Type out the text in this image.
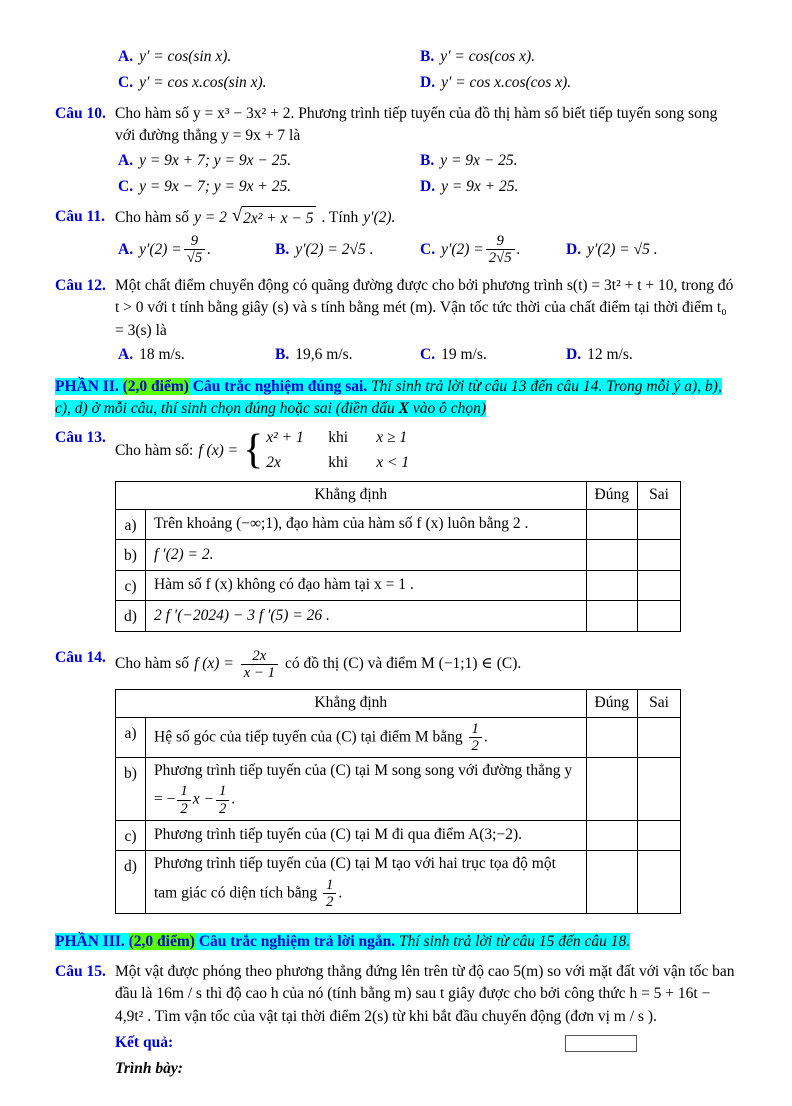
A. y′ = cos(sin x).	B. y′ = cos(cos x).
C. y′ = cos x.cos(sin x).	D. y′ = cos x.cos(cos x).
Câu 10. Cho hàm số y = x³ − 3x² + 2. Phương trình tiếp tuyến của đồ thị hàm số biết tiếp tuyến song song với đường thẳng y = 9x + 7 là
A. y = 9x + 7; y = 9x − 25.	B. y = 9x − 25.
C. y = 9x − 7; y = 9x + 25.	D. y = 9x + 25.
Câu 11. Cho hàm số y = 2 √ 2x² + x − 5 . Tính y′(2).
A. $y'(2) = \frac{9}{√5}$ .	B. y′(2) = 2√5 .	C. $y'(2) = \frac{9}{2√5}$ .	D. y′(2) = √5 .
Câu 12. Một chất điểm chuyển động có quãng đường được cho bởi phương trình s(t) = 3t² + t + 10, trong đó t > 0 với t tính bằng giây (s) và s tính bằng mét (m). Vận tốc tức thời của chất điểm tại thời điểm t₀ = 3(s) là
A. 18 m/s.	B. 19,6 m/s.	C. 19 m/s.	D. 12 m/s.
PHẦN II. (2,0 điểm) Câu trắc nghiệm đúng sai. Thí sinh trả lời từ câu 13 đến câu 14. Trong mỗi ý a), b), c), d) ở mỗi câu, thí sinh chọn đúng hoặc sai (điền dấu X vào ô chọn)
Câu 13.
Cho hàm số: f (x) = { x² + 1	khi	x ≥ 1
2x	khi	x < 1
Khẳng định		Đúng	Sai
a)	Trên khoảng (−∞;1), đạo hàm của hàm số f (x) luôn bằng 2 .		
b)	f ′(2) = 2.		
c)	Hàm số f (x) không có đạo hàm tại x = 1 .		
d)	2 f ′(−2024) − 3 f ′(5) = 26 .		
Câu 14. Cho hàm số f $(x) = \frac{2x}{x - 1}$ có đồ thị (C) và điểm M (−1;1) ∈ (C).
Khẳng định		Đúng	Sai
a)	Hệ số góc của tiếp tuyến của (C) tại điểm M bằng $\frac{1}{2}$ .		
b)	Phương trình tiếp tuyến của (C) tại M song song với đường thẳng y = − $\frac{1}{2}$ $x - \frac{1}{2}$ .		
c)	Phương trình tiếp tuyến của (C) tại M đi qua điểm A(3;−2).		
d)	Phương trình tiếp tuyến của (C) tại M tạo với hai trục tọa độ một tam giác có diện tích bằng $\frac{1}{2}$ .		
PHẦN III. (2,0 điểm) Câu trắc nghiệm trả lời ngắn. Thí sinh trả lời từ câu 15 đến câu 18.
Câu 15. Một vật được phóng theo phương thẳng đứng lên trên từ độ cao 5(m) so với mặt đất với vận tốc ban đầu là 16m / s thì độ cao h của nó (tính bằng m) sau t giây được cho bởi công thức h = 5 + 16t − 4,9t² . Tìm vận tốc của vật tại thời điểm 2(s) từ khi bắt đầu chuyển động (đơn vị m / s ).
Kết quả:
Trình bày:
